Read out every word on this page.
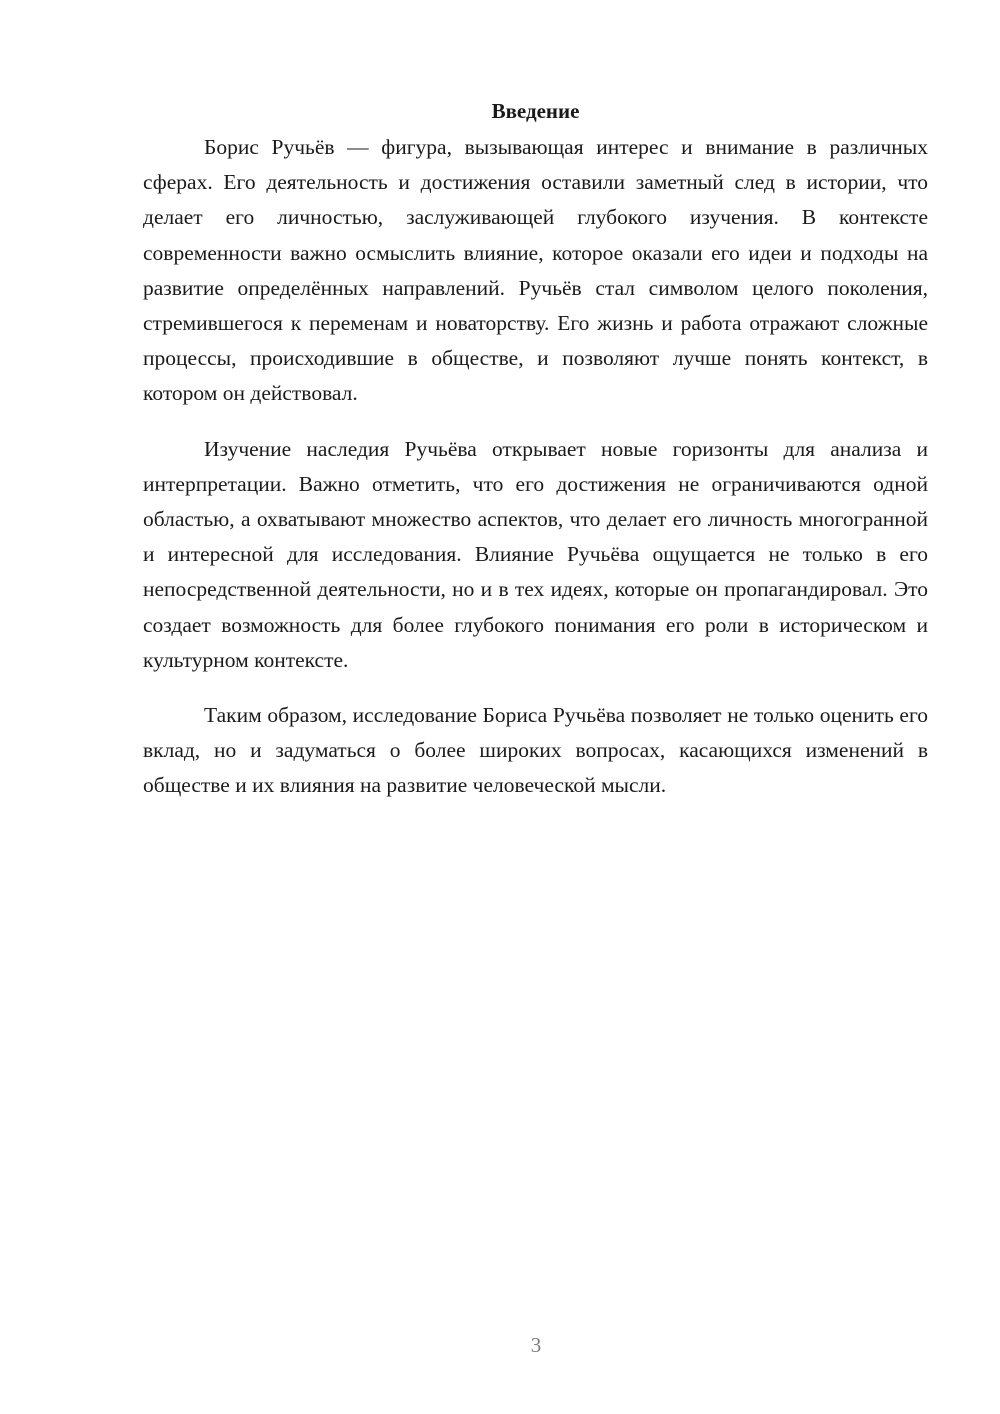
Введение

Борис Ручьёв — фигура, вызывающая интерес и внимание в различных сферах. Его деятельность и достижения оставили заметный след в истории, что делает его личностью, заслуживающей глубокого изучения. В контексте современности важно осмыслить влияние, которое оказали его идеи и подходы на развитие определённых направлений. Ручьёв стал символом целого поколения, стремившегося к переменам и новаторству. Его жизнь и работа отражают сложные процессы, происходившие в обществе, и позволяют лучше понять контекст, в котором он действовал.

Изучение наследия Ручьёва открывает новые горизонты для анализа и интерпретации. Важно отметить, что его достижения не ограничиваются одной областью, а охватывают множество аспектов, что делает его личность многогранной и интересной для исследования. Влияние Ручьёва ощущается не только в его непосредственной деятельности, но и в тех идеях, которые он пропагандировал. Это создает возможность для более глубокого понимания его роли в историческом и культурном контексте.

Таким образом, исследование Бориса Ручьёва позволяет не только оценить его вклад, но и задуматься о более широких вопросах, касающихся изменений в обществе и их влияния на развитие человеческой мысли.

3
